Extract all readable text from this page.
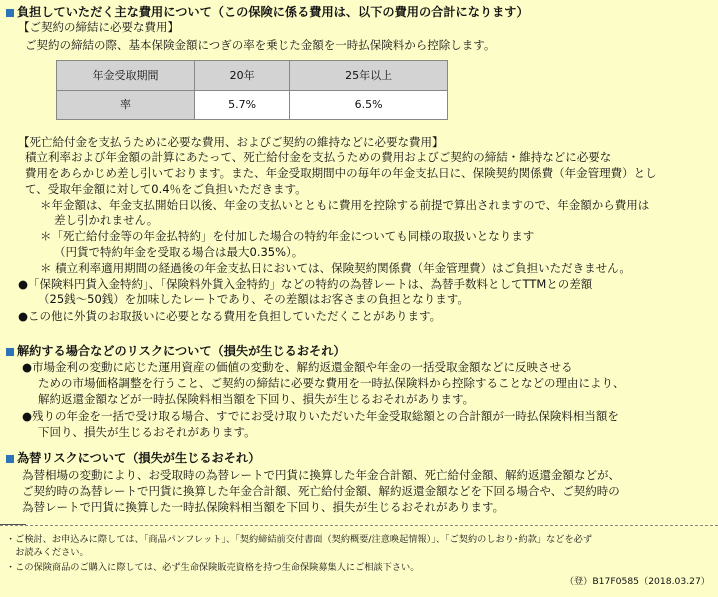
負担していただく主な費用について（この保険に係る費用は、以下の費用の合計になります）
【ご契約の締結に必要な費用】
ご契約の締結の際、基本保険金額につぎの率を乗じた金額を一時払保険料から控除します。
年金受取期間	20年	25年以上
率	5.7%	6.5%
【死亡給付金を支払うために必要な費用、およびご契約の維持などに必要な費用】
積立利率および年金額の計算にあたって、死亡給付金を支払うための費用およびご契約の締結・維持などに必要な
費用をあらかじめ差し引いております。また、年金受取期間中の毎年の年金支払日に、保険契約関係費（年金管理費）とし
て、受取年金額に対して0.4％をご負担いただきます。
＊年金額は、年金支払開始日以後、年金の支払いとともに費用を控除する前提で算出されますので、年金額から費用は
差し引かれません。
＊「死亡給付金等の年金払特約」を付加した場合の特約年金についても同様の取扱いとなります
（円貨で特約年金を受取る場合は最大0.35%）。
＊ 積立利率適用期間の経過後の年金支払日においては、保険契約関係費（年金管理費）はご負担いただきません。
●「保険料円貨入金特約」、「保険料外貨入金特約」などの特約の為替レートは、為替手数料としてTTMとの差額
（25銭～50銭）を加味したレートであり、その差額はお客さまの負担となります。
●この他に外貨のお取扱いに必要となる費用を負担していただくことがあります。
解約する場合などのリスクについて（損失が生じるおそれ）
●市場金利の変動に応じた運用資産の価値の変動を、解約返還金額や年金の一括受取金額などに反映させる
ための市場価格調整を行うこと、ご契約の締結に必要な費用を一時払保険料から控除することなどの理由により、
解約返還金額などが一時払保険料相当額を下回り、損失が生じるおそれがあります。
●残りの年金を一括で受け取る場合、すでにお受け取りいただいた年金受取総額との合計額が一時払保険料相当額を
下回り、損失が生じるおそれがあります。
為替リスクについて（損失が生じるおそれ）
為替相場の変動により、お受取時の為替レートで円貨に換算した年金合計額、死亡給付金額、解約返還金額などが、
ご契約時の為替レートで円貨に換算した年金合計額、死亡給付金額、解約返還金額などを下回る場合や、ご契約時の
為替レートで円貨に換算した一時払保険料相当額を下回り、損失が生じるおそれがあります。
・ご検討、お申込みに際しては、「商品パンフレット」、「契約締結前交付書面（契約概要/注意喚起情報）」、「ご契約のしおり･約款」などを必ず
　お読みください。
・この保険商品のご購入に際しては、必ず生命保険販売資格を持つ生命保険募集人にご相談下さい。
（登）B17F0585（2018.03.27）
